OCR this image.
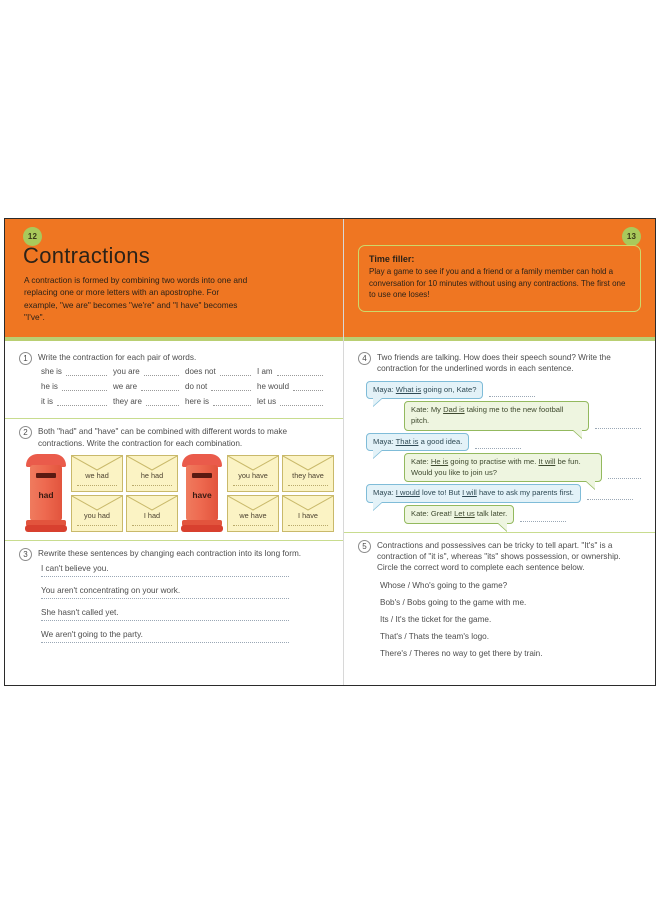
12
Contractions
A contraction is formed by combining two words into one and replacing one or more letters with an apostrophe. For example, "we are" becomes "we're" and "I have" becomes "I've".
1	Write the contraction for each pair of words.
she is	you are	does not	I am
he is	we are	do not	he would
it is	they are	here is	let us
2	Both "had" and "have" can be combined with different words to make contractions. Write the contraction for each combination.
had
we had	he had
you had	I had
have
you have	they have
we have	I have
3	Rewrite these sentences by changing each contraction into its long form.
I can't believe you.
You aren't concentrating on your work.
She hasn't called yet.
We aren't going to the party.
13
Time filler:
Play a game to see if you and a friend or a family member can hold a conversation for 10 minutes without using any contractions. The first one to use one loses!
4	Two friends are talking. How does their speech sound? Write the contraction for the underlined words in each sentence.
Maya: What is going on, Kate?
Kate: My Dad is taking me to the new football pitch.
Maya: That is a good idea.
Kate: He is going to practise with me. It will be fun. Would you like to join us?
Maya: I would love to! But I will have to ask my parents first.
Kate: Great! Let us talk later.
5	Contractions and possessives can be tricky to tell apart. "It's" is a contraction of "it is", whereas "its" shows possession, or ownership. Circle the correct word to complete each sentence below.
Whose / Who's going to the game?
Bob's / Bobs going to the game with me.
Its / It's the ticket for the game.
That's / Thats the team's logo.
There's / Theres no way to get there by train.
